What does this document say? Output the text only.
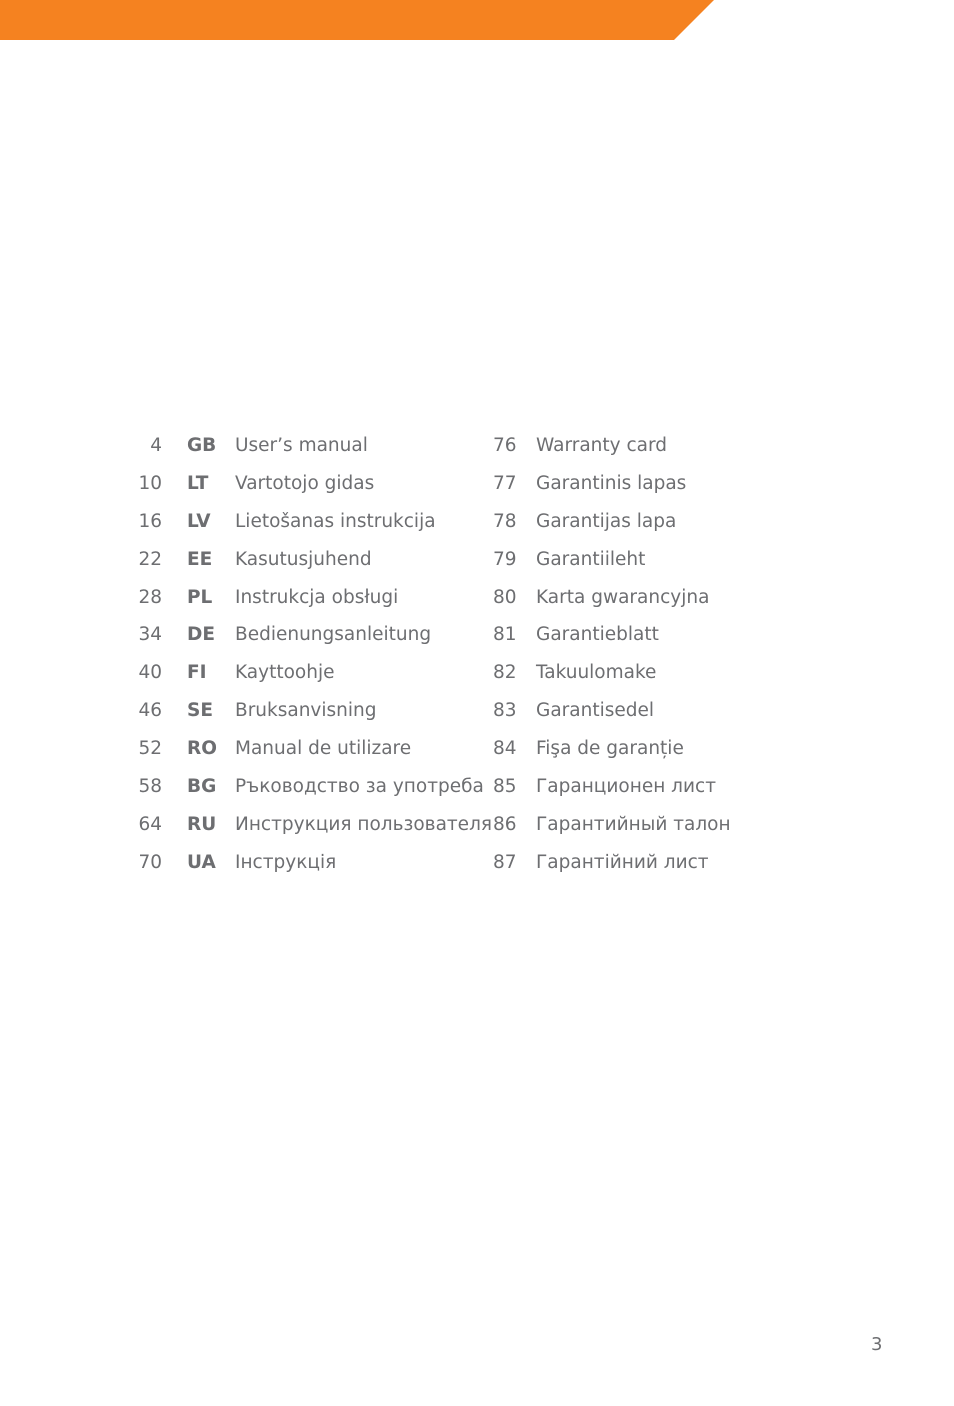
4 GB User’s manual	76 Warranty card
10 LT Vartotojo gidas	77 Garantinis lapas
16 LV Lietošanas instrukcija	78 Garantijas lapa
22 EE Kasutusjuhend	79 Garantiileht
28 PL Instrukcja obsługi	80 Karta gwarancyjna
34 DE Bedienungsanleitung	81 Garantieblatt
40 FI Kayttoohje	82 Takuulomake
46 SE Bruksanvisning	83 Garantisedel
52 RO Manual de utilizare	84 Fişa de garanție
58 BG Ръководство за употреба 85 Гаранционен лист
64 RU Инструкция пользователя 86 Гарантийный талон
70 UA Інструкція	87 Гарантійний лист
3
